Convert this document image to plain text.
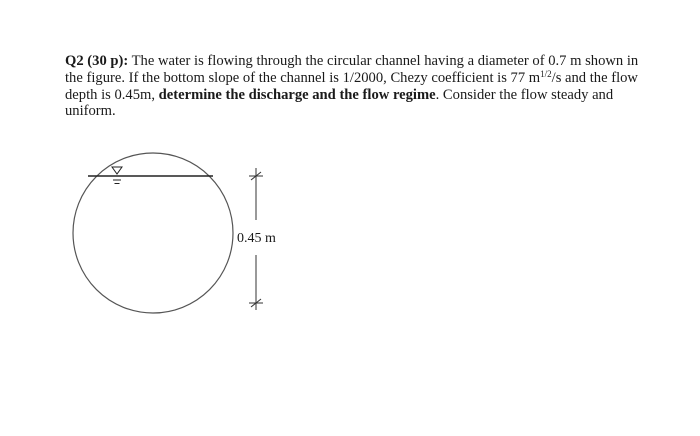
Q2 (30 p): The water is flowing through the circular channel having a diameter of 0.7 m shown in the figure. If the bottom slope of the channel is 1/2000, Chezy coefficient is 77 $m^{1/2}/s$ and the flow depth is 0.45m, determine the discharge and the flow regime. Consider the flow steady and uniform.
0.45 m
